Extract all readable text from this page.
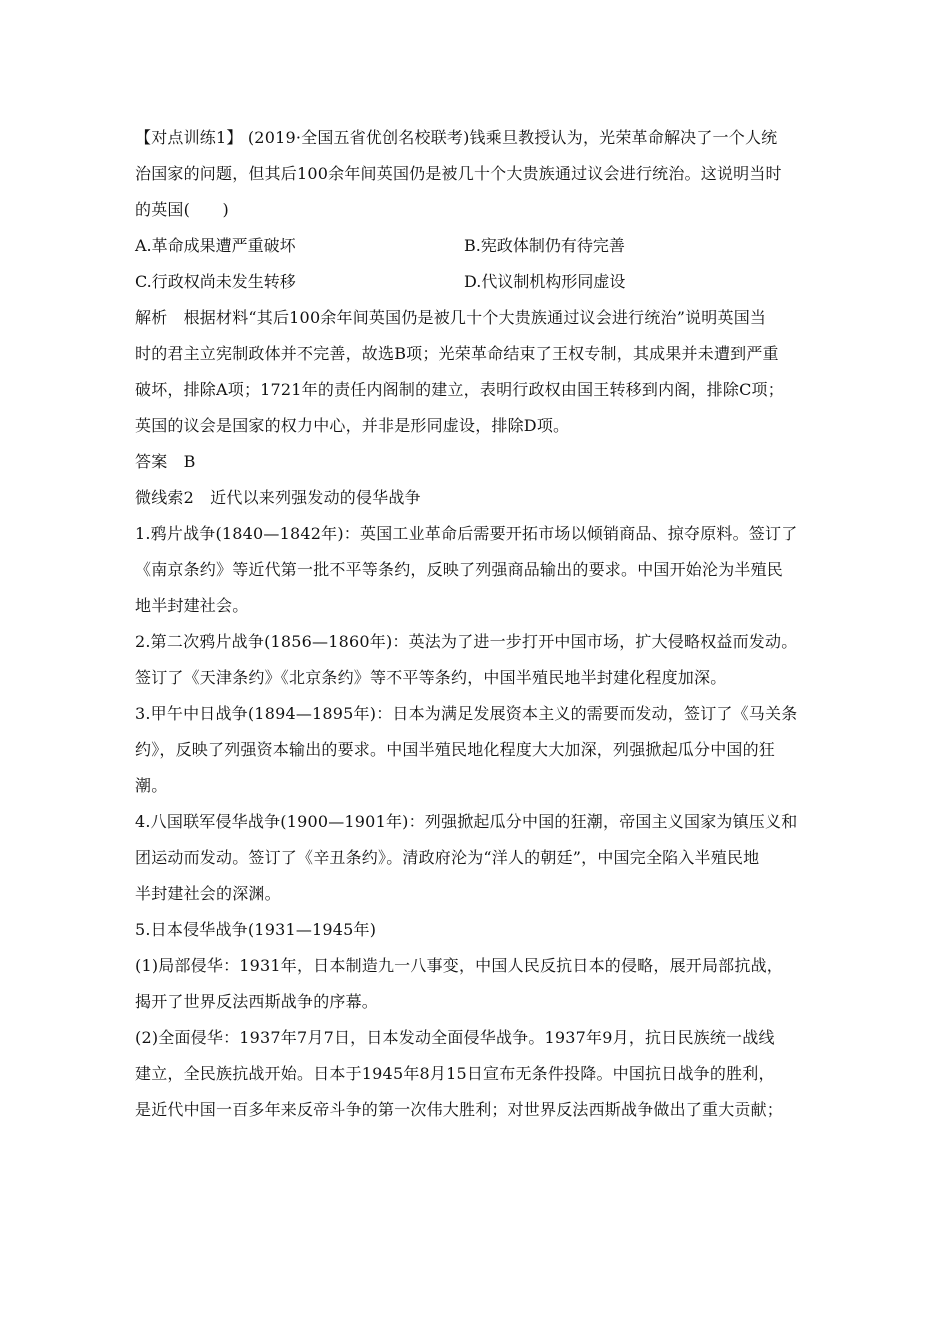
【对点训练1】 (2019·全国五省优创名校联考)钱乘旦教授认为，光荣革命解决了一个人统
治国家的问题，但其后100余年间英国仍是被几十个大贵族通过议会进行统治。这说明当时
的英国(　　)
A.革命成果遭严重破坏	B.宪政体制仍有待完善
C.行政权尚未发生转移	D.代议制机构形同虚设
解析　根据材料“其后100余年间英国仍是被几十个大贵族通过议会进行统治”说明英国当
时的君主立宪制政体并不完善，故选B项；光荣革命结束了王权专制，其成果并未遭到严重
破坏，排除A项；1721年的责任内阁制的建立，表明行政权由国王转移到内阁，排除C项；
英国的议会是国家的权力中心，并非是形同虚设，排除D项。
答案　B
微线索2　近代以来列强发动的侵华战争
1.鸦片战争(1840—1842年)：英国工业革命后需要开拓市场以倾销商品、掠夺原料。签订了
《南京条约》等近代第一批不平等条约，反映了列强商品输出的要求。中国开始沦为半殖民
地半封建社会。
2.第二次鸦片战争(1856—1860年)：英法为了进一步打开中国市场，扩大侵略权益而发动。
签订了《天津条约》《北京条约》等不平等条约，中国半殖民地半封建化程度加深。
3.甲午中日战争(1894—1895年)：日本为满足发展资本主义的需要而发动，签订了《马关条
约》，反映了列强资本输出的要求。中国半殖民地化程度大大加深，列强掀起瓜分中国的狂
潮。
4.八国联军侵华战争(1900—1901年)：列强掀起瓜分中国的狂潮，帝国主义国家为镇压义和
团运动而发动。签订了《辛丑条约》。清政府沦为“洋人的朝廷”，中国完全陷入半殖民地
半封建社会的深渊。
5.日本侵华战争(1931—1945年)
(1)局部侵华：1931年，日本制造九一八事变，中国人民反抗日本的侵略，展开局部抗战，
揭开了世界反法西斯战争的序幕。
(2)全面侵华：1937年7月7日，日本发动全面侵华战争。1937年9月，抗日民族统一战线
建立，全民族抗战开始。日本于1945年8月15日宣布无条件投降。中国抗日战争的胜利，
是近代中国一百多年来反帝斗争的第一次伟大胜利；对世界反法西斯战争做出了重大贡献；
